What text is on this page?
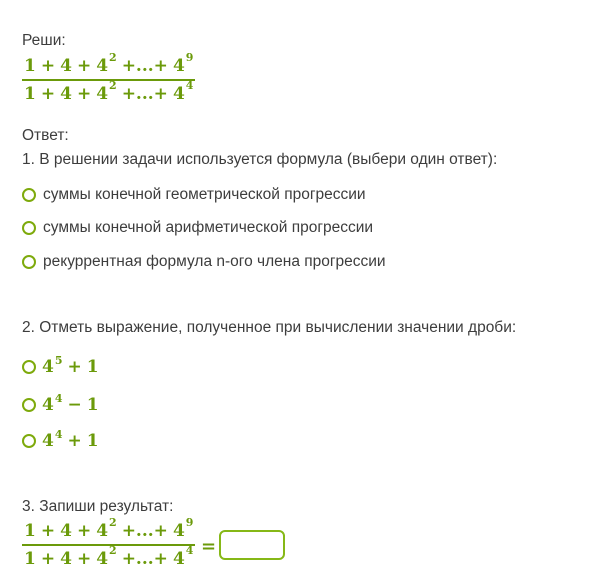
Реши:
$1 + 4 + 4^2$ +...+ $4^9$
$1 + 4 + 4^2$ +...+ $4^4$
Ответ:
1. В решении задачи используется формула (выбери один ответ):
суммы конечной геометрической прогрессии
суммы конечной арифметической прогрессии
рекуррентная формула n-ого члена прогрессии
2. Отметь выражение, полученное при вычислении значении дроби:
$4^5 + 1$
$4^4 - 1$
$4^4 + 1$
3. Запиши результат:
$1 + 4 + 4^2$ +...+ $4^9$
$1 + 4 + 4^2$ +...+ $4^4$ =
